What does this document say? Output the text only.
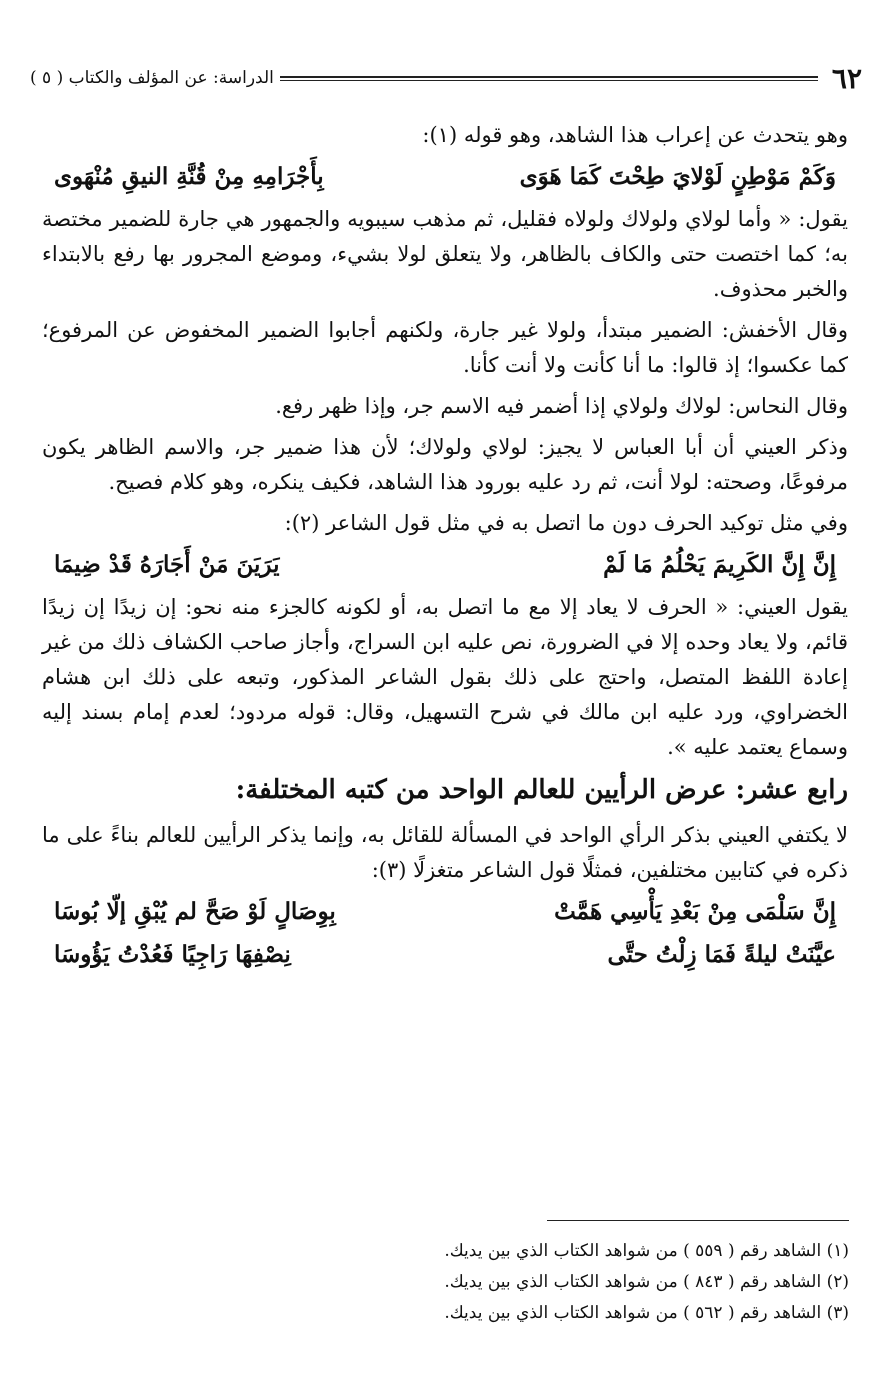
٦٢
الدراسة: عن المؤلف والكتاب ( ٥ )

وهو يتحدث عن إعراب هذا الشاهد، وهو قوله (١):

وَكَمْ مَوْطِنٍ لَوْلايَ طِحْتَ كَمَا هَوَى
بِأَجْرَامِهِ مِنْ قُنَّةِ النيقِ مُنْهَوى

يقول: « وأما لولاي ولولاك ولولاه فقليل، ثم مذهب سيبويه والجمهور هي جارة للضمير مختصة به؛ كما اختصت حتى والكاف بالظاهر، ولا يتعلق لولا بشيء، وموضع المجرور بها رفع بالابتداء والخبر محذوف.

وقال الأخفش: الضمير مبتدأ، ولولا غير جارة، ولكنهم أجابوا الضمير المخفوض عن المرفوع؛ كما عكسوا؛ إذ قالوا: ما أنا كأنت ولا أنت كأنا.

وقال النحاس: لولاك ولولاي إذا أضمر فيه الاسم جر، وإذا ظهر رفع.

وذكر العيني أن أبا العباس لا يجيز: لولاي ولولاك؛ لأن هذا ضمير جر، والاسم الظاهر يكون مرفوعًا، وصحته: لولا أنت، ثم رد عليه بورود هذا الشاهد، فكيف ينكره، وهو كلام فصيح.

وفي مثل توكيد الحرف دون ما اتصل به في مثل قول الشاعر (٢):

إِنَّ إِنَّ الكَرِيمَ يَحْلُمُ مَا لَمْ
يَرَيَنَ مَنْ أَجَارَهُ قَدْ ضِيمَا

يقول العيني: « الحرف لا يعاد إلا مع ما اتصل به، أو لكونه كالجزء منه نحو: إن زيدًا إن زيدًا قائم، ولا يعاد وحده إلا في الضرورة، نص عليه ابن السراج، وأجاز صاحب الكشاف ذلك من غير إعادة اللفظ المتصل، واحتج على ذلك بقول الشاعر المذكور، وتبعه على ذلك ابن هشام الخضراوي، ورد عليه ابن مالك في شرح التسهيل، وقال: قوله مردود؛ لعدم إمام بسند إليه وسماع يعتمد عليه ».

رابع عشر: عرض الرأيين للعالم الواحد من كتبه المختلفة:

لا يكتفي العيني بذكر الرأي الواحد في المسألة للقائل به، وإنما يذكر الرأيين للعالم بناءً على ما ذكره في كتابين مختلفين، فمثلًا قول الشاعر متغزلًا (٣):

إِنَّ سَلْمَى مِنْ بَعْدِ يَأْسِي هَمَّتْ
بِوِصَالٍ لَوْ صَحَّ لم يُبْقِ إلّا بُوسَا
عيَّنَتْ ليلةً فَمَا زِلْتُ حتَّى
نِصْفِهَا رَاجِيًا فَعُدْتُ يَؤُوسَا
(١) الشاهد رقم ( ٥٥٩ ) من شواهد الكتاب الذي بين يديك.
(٢) الشاهد رقم ( ٨٤٣ ) من شواهد الكتاب الذي بين يديك.
(٣) الشاهد رقم ( ٥٦٢ ) من شواهد الكتاب الذي بين يديك.
